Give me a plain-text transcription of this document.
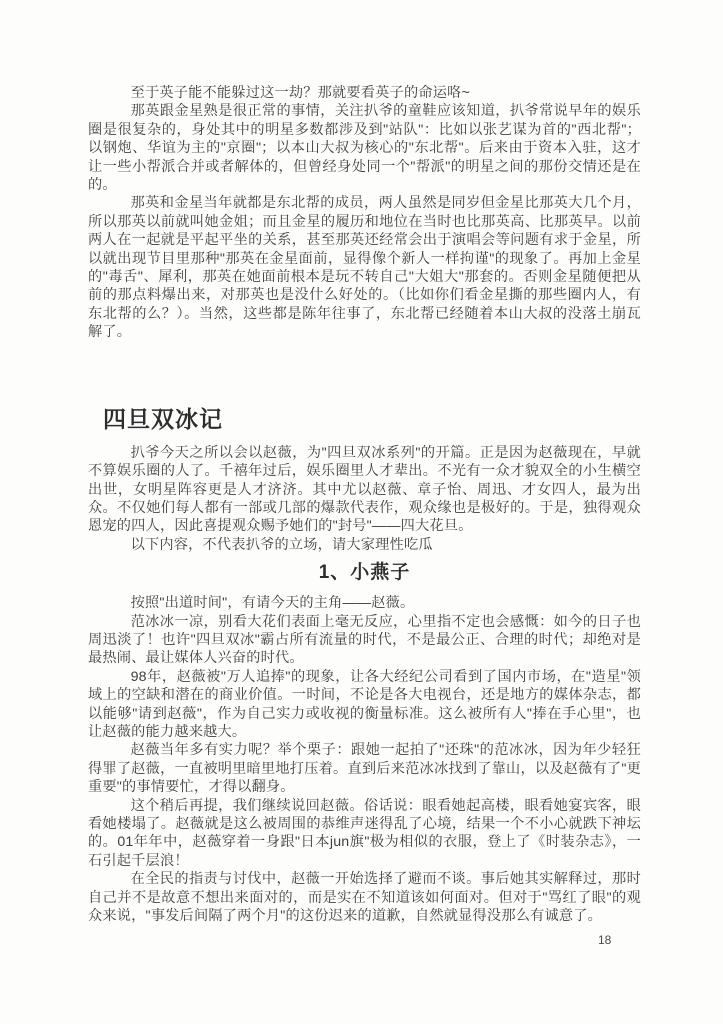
至于英子能不能躲过这一劫？那就要看英子的命运咯~

那英跟金星熟是很正常的事情，关注扒爷的童鞋应该知道，扒爷常说早年的娱乐圈是很复杂的，身处其中的明星多数都涉及到"站队"：比如以张艺谋为首的"西北帮"；以钢炮、华谊为主的"京圈"；以本山大叔为核心的"东北帮"。后来由于资本入驻，这才让一些小帮派合并或者解体的，但曾经身处同一个"帮派"的明星之间的那份交情还是在的。

那英和金星当年就都是东北帮的成员，两人虽然是同岁但金星比那英大几个月，所以那英以前就叫她金姐；而且金星的履历和地位在当时也比那英高、比那英早。以前两人在一起就是平起平坐的关系，甚至那英还经常会出于演唱会等问题有求于金星，所以就出现节目里那种"那英在金星面前，显得像个新人一样拘谨"的现象了。再加上金星的"毒舌"、犀利，那英在她面前根本是玩不转自己"大姐大"那套的。否则金星随便把从前的那点料爆出来，对那英也是没什么好处的。（比如你们看金星撕的那些圈内人，有东北帮的么？）。当然，这些都是陈年往事了，东北帮已经随着本山大叔的没落土崩瓦解了。

四旦双冰记

扒爷今天之所以会以赵薇，为"四旦双冰系列"的开篇。正是因为赵薇现在，早就不算娱乐圈的人了。千禧年过后，娱乐圈里人才辈出。不光有一众才貌双全的小生横空出世，女明星阵容更是人才济济。其中尤以赵薇、章子怡、周迅、才女四人，最为出众。不仅她们每人都有一部或几部的爆款代表作，观众缘也是极好的。于是，独得观众恩宠的四人，因此喜提观众赐予她们的"封号"——四大花旦。

以下内容，不代表扒爷的立场，请大家理性吃瓜

1、小燕子

按照"出道时间"，有请今天的主角——赵薇。

范冰冰一凉，别看大花们表面上毫无反应，心里指不定也会感慨：如今的日子也周迅淡了！也许"四旦双冰"霸占所有流量的时代，不是最公正、合理的时代；却绝对是最热闹、最让媒体人兴奋的时代。

98年，赵薇被"万人追捧"的现象，让各大经纪公司看到了国内市场，在"造星"领域上的空缺和潜在的商业价值。一时间，不论是各大电视台，还是地方的媒体杂志，都以能够"请到赵薇"，作为自己实力或收视的衡量标准。这么被所有人"捧在手心里"，也让赵薇的能力越来越大。

赵薇当年多有实力呢？举个栗子：跟她一起拍了"还珠"的范冰冰，因为年少轻狂得罪了赵薇，一直被明里暗里地打压着。直到后来范冰冰找到了靠山，以及赵薇有了"更重要"的事情要忙，才得以翻身。

这个稍后再提，我们继续说回赵薇。俗话说：眼看她起高楼，眼看她宴宾客，眼看她楼塌了。赵薇就是这么被周围的恭维声迷得乱了心境，结果一个不小心就跌下神坛的。01年年中，赵薇穿着一身跟"日本jun旗"极为相似的衣服，登上了《时装杂志》，一石引起千层浪！

在全民的指责与讨伐中，赵薇一开始选择了避而不谈。事后她其实解释过，那时自己并不是故意不想出来面对的，而是实在不知道该如何面对。但对于"骂红了眼"的观众来说，"事发后间隔了两个月"的这份迟来的道歉，自然就显得没那么有诚意了。

18
